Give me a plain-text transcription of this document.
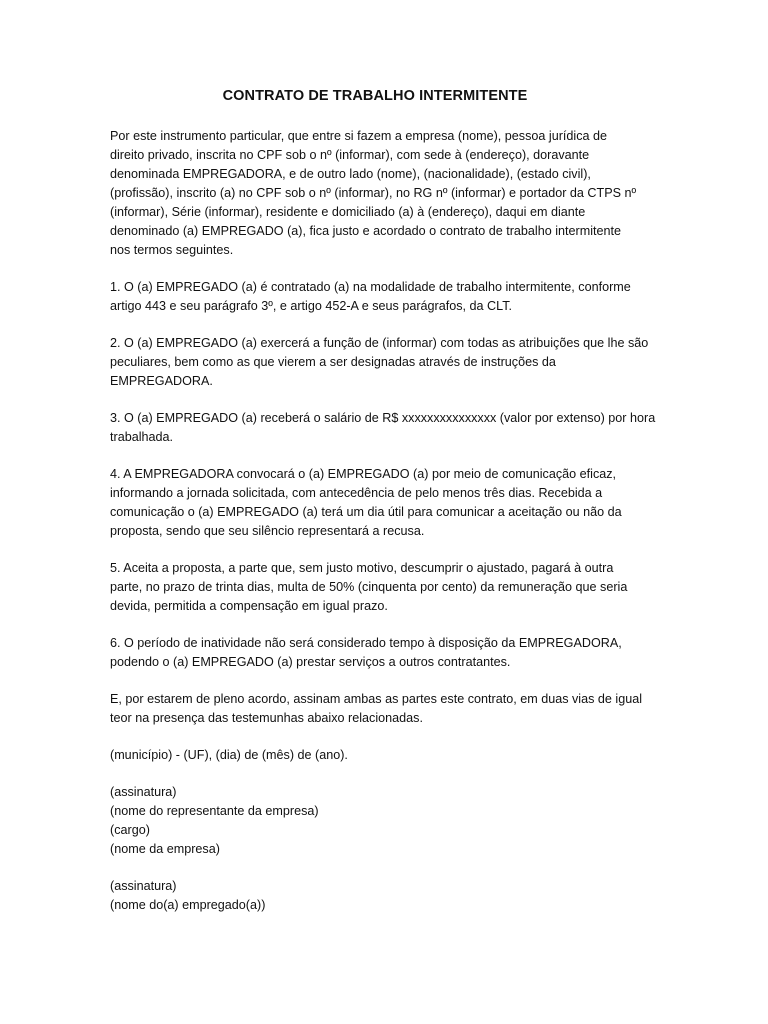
CONTRATO DE TRABALHO INTERMITENTE

Por este instrumento particular, que entre si fazem a empresa (nome), pessoa jurídica de
direito privado, inscrita no CPF sob o nº (informar), com sede à (endereço), doravante
denominada EMPREGADORA, e de outro lado (nome), (nacionalidade), (estado civil),
(profissão), inscrito (a) no CPF sob o nº (informar), no RG nº (informar) e portador da CTPS nº
(informar), Série (informar), residente e domiciliado (a) à (endereço), daqui em diante
denominado (a) EMPREGADO (a), fica justo e acordado o contrato de trabalho intermitente
nos termos seguintes.

1. O (a) EMPREGADO (a) é contratado (a) na modalidade de trabalho intermitente, conforme
artigo 443 e seu parágrafo 3º, e artigo 452-A e seus parágrafos, da CLT.

2. O (a) EMPREGADO (a) exercerá a função de (informar) com todas as atribuições que lhe são
peculiares, bem como as que vierem a ser designadas através de instruções da
EMPREGADORA.

3. O (a) EMPREGADO (a) receberá o salário de R$ xxxxxxxxxxxxxxx (valor por extenso) por hora
trabalhada.

4. A EMPREGADORA convocará o (a) EMPREGADO (a) por meio de comunicação eficaz,
informando a jornada solicitada, com antecedência de pelo menos três dias. Recebida a
comunicação o (a) EMPREGADO (a) terá um dia útil para comunicar a aceitação ou não da
proposta, sendo que seu silêncio representará a recusa.

5. Aceita a proposta, a parte que, sem justo motivo, descumprir o ajustado, pagará à outra
parte, no prazo de trinta dias, multa de 50% (cinquenta por cento) da remuneração que seria
devida, permitida a compensação em igual prazo.

6. O período de inatividade não será considerado tempo à disposição da EMPREGADORA,
podendo o (a) EMPREGADO (a) prestar serviços a outros contratantes.

E, por estarem de pleno acordo, assinam ambas as partes este contrato, em duas vias de igual
teor na presença das testemunhas abaixo relacionadas.

(município) - (UF), (dia) de (mês) de (ano).

(assinatura)
(nome do representante da empresa)
(cargo)
(nome da empresa)
(assinatura)
(nome do(a) empregado(a))
